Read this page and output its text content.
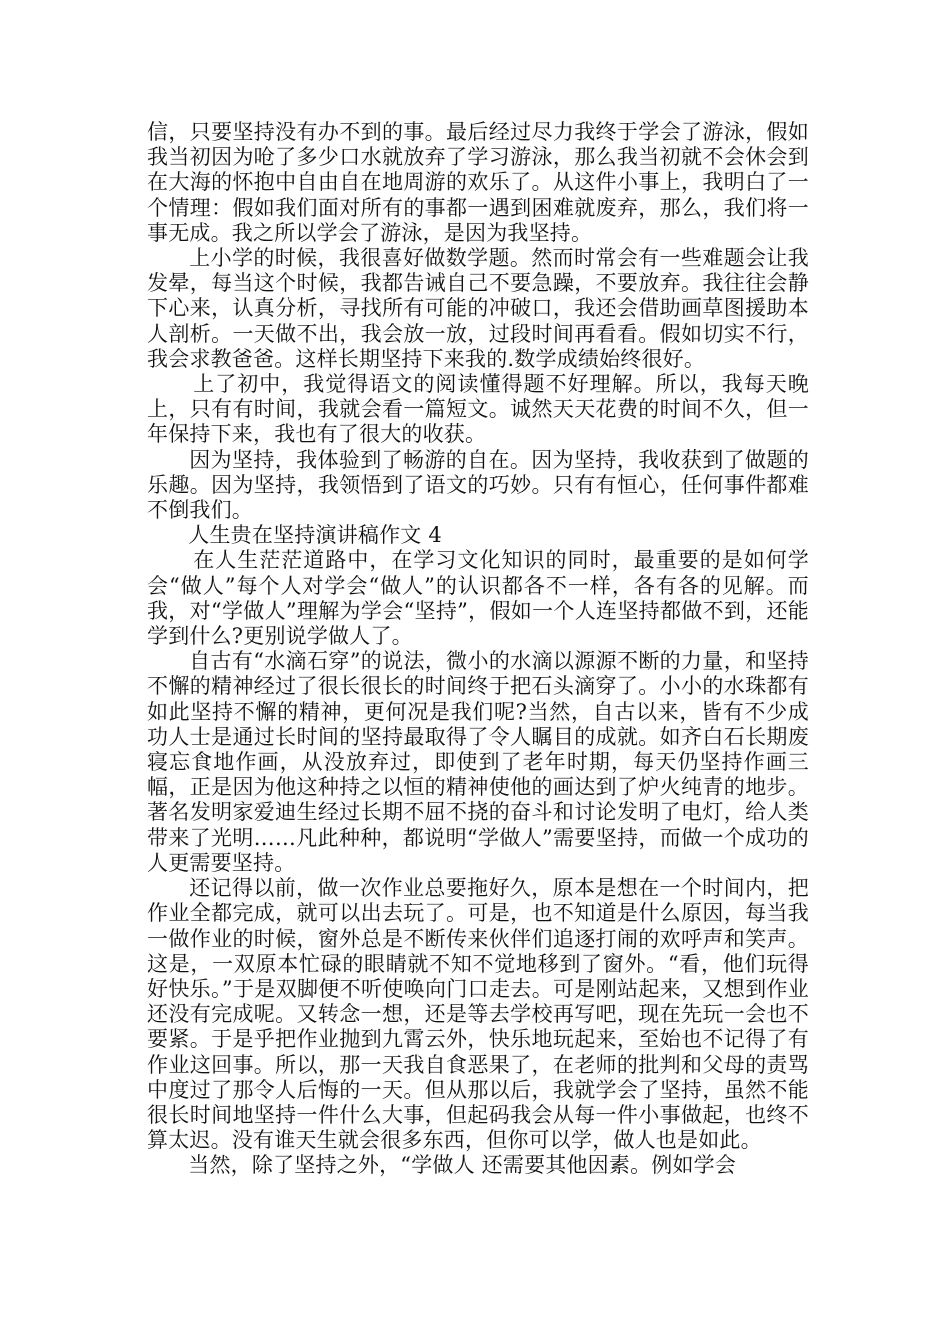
信，只要坚持没有办不到的事。最后经过尽力我终于学会了游泳，假如我当初因为呛了多少口水就放弃了学习游泳，那么我当初就不会休会到在大海的怀抱中自由自在地周游的欢乐了。从这件小事上，我明白了一个情理：假如我们面对所有的事都一遇到困难就废弃，那么，我们将一事无成。我之所以学会了游泳，是因为我坚持。

上小学的时候，我很喜好做数学题。然而时常会有一些难题会让我发晕，每当这个时候，我都告诫自己不要急躁，不要放弃。我往往会静下心来，认真分析，寻找所有可能的冲破口，我还会借助画草图援助本人剖析。一天做不出，我会放一放，过段时间再看看。假如切实不行，我会求教爸爸。这样长期坚持下来我的.数学成绩始终很好。

上了初中，我觉得语文的阅读懂得题不好理解。所以，我每天晚上，只有有时间，我就会看一篇短文。诚然天天花费的时间不久，但一年保持下来，我也有了很大的收获。

因为坚持，我体验到了畅游的自在。因为坚持，我收获到了做题的乐趣。因为坚持，我领悟到了语文的巧妙。只有有恒心，任何事件都难不倒我们。

人生贵在坚持演讲稿作文 4

在人生茫茫道路中，在学习文化知识的同时，最重要的是如何学会“做人”每个人对学会“做人”的认识都各不一样，各有各的见解。而我，对“学做人”理解为学会“坚持”，假如一个人连坚持都做不到，还能学到什么?更别说学做人了。

自古有“水滴石穿”的说法，微小的水滴以源源不断的力量，和坚持不懈的精神经过了很长很长的时间终于把石头滴穿了。小小的水珠都有如此坚持不懈的精神，更何况是我们呢?当然，自古以来，皆有不少成功人士是通过长时间的坚持最取得了令人瞩目的成就。如齐白石长期废寝忘食地作画，从没放弃过，即使到了老年时期，每天仍坚持作画三幅，正是因为他这种持之以恒的精神使他的画达到了炉火纯青的地步。著名发明家爱迪生经过长期不屈不挠的奋斗和讨论发明了电灯，给人类带来了光明……凡此种种，都说明“学做人”需要坚持，而做一个成功的人更需要坚持。

还记得以前，做一次作业总要拖好久，原本是想在一个时间内，把作业全都完成，就可以出去玩了。可是，也不知道是什么原因，每当我一做作业的时候，窗外总是不断传来伙伴们追逐打闹的欢呼声和笑声。这是，一双原本忙碌的眼睛就不知不觉地移到了窗外。“看，他们玩得好快乐。”于是双脚便不听使唤向门口走去。可是刚站起来，又想到作业还没有完成呢。又转念一想，还是等去学校再写吧，现在先玩一会也不要紧。于是乎把作业抛到九霄云外，快乐地玩起来，至始也不记得了有作业这回事。所以，那一天我自食恶果了，在老师的批判和父母的责骂中度过了那令人后悔的一天。但从那以后，我就学会了坚持，虽然不能很长时间地坚持一件什么大事，但起码我会从每一件小事做起，也终不算太迟。没有谁天生就会很多东西，但你可以学，做人也是如此。

当然，除了坚持之外，“学做人 还需要其他因素。例如学会
